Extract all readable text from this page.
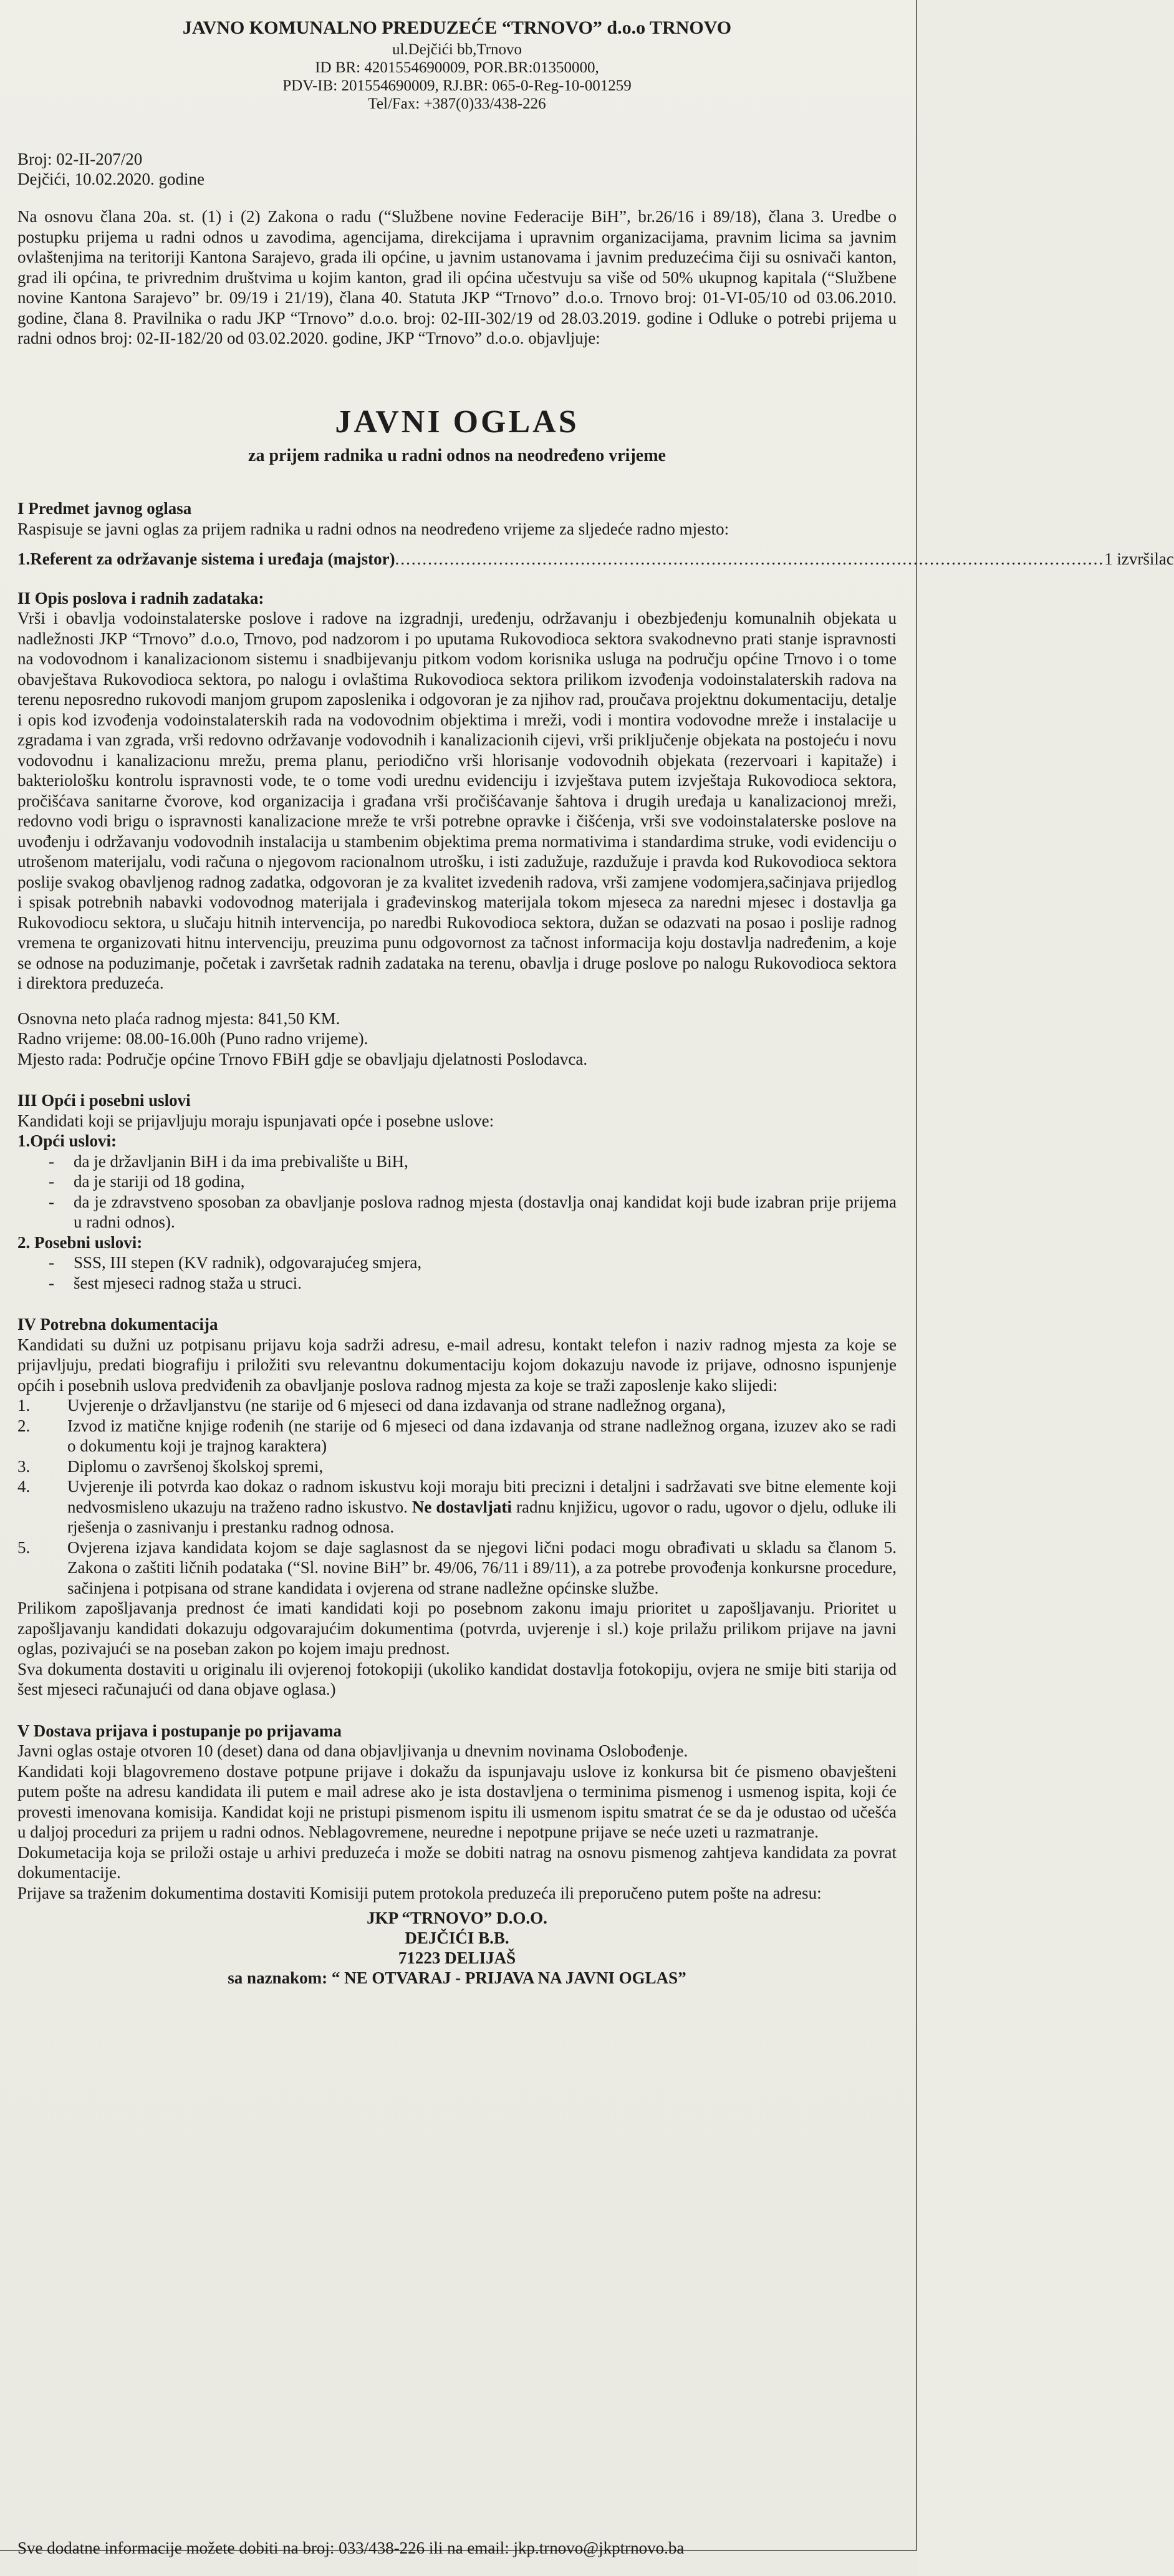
JAVNO KOMUNALNO PREDUZEĆE “TRNOVO” d.o.o TRNOVO
ul.Dejčići bb,Trnovo
ID BR: 4201554690009, POR.BR:01350000,
PDV-IB: 201554690009, RJ.BR: 065-0-Reg-10-001259
Tel/Fax: +387(0)33/438-226
Broj: 02-II-207/20
Dejčići, 10.02.2020. godine
Na osnovu člana 20a. st. (1) i (2) Zakona o radu (“Službene novine Federacije BiH”, br.26/16 i 89/18), člana 3. Uredbe o postupku prijema u radni odnos u zavodima, agencijama, direkcijama i upravnim organizacijama, pravnim licima sa javnim ovlaštenjima na teritoriji Kantona Sarajevo, grada ili općine, u javnim ustanovama i javnim preduzećima čiji su osnivači kanton, grad ili općina, te privrednim društvima u kojim kanton, grad ili općina učestvuju sa više od 50% ukupnog kapitala (“Službene novine Kantona Sarajevo” br. 09/19 i 21/19), člana 40. Statuta JKP “Trnovo” d.o.o. Trnovo broj: 01-VI-05/10 od 03.06.2010. godine, člana 8. Pravilnika o radu JKP “Trnovo” d.o.o. broj: 02-III-302/19 od 28.03.2019. godine i Odluke o potrebi prijema u radni odnos broj: 02-II-182/20 od 03.02.2020. godine, JKP “Trnovo” d.o.o. objavljuje:
JAVNI OGLAS
za prijem radnika u radni odnos na neodređeno vrijeme
I Predmet javnog oglasa
Raspisuje se javni oglas za prijem radnika u radni odnos na neodređeno vrijeme za sljedeće radno mjesto:
1. Referent za održavanje sistema i uređaja (majstor) .................................................................................................................................. 1 izvršilac
II Opis poslova i radnih zadataka:
Vrši i obavlja vodoinstalaterske poslove i radove na izgradnji, uređenju, održavanju i obezbjeđenju komunalnih objekata u nadležnosti JKP “Trnovo” d.o.o, Trnovo, pod nadzorom i po uputama Rukovodioca sektora svakodnevno prati stanje ispravnosti na vodovodnom i kanalizacionom sistemu i snadbijevanju pitkom vodom korisnika usluga na području općine Trnovo i o tome obavještava Rukovodioca sektora, po nalogu i ovlaštima Rukovodioca sektora prilikom izvođenja vodoinstalaterskih radova na terenu neposredno rukovodi manjom grupom zaposlenika i odgovoran je za njihov rad, proučava projektnu dokumentaciju, detalje i opis kod izvođenja vodoinstalaterskih rada na vodovodnim objektima i mreži, vodi i montira vodovodne mreže i instalacije u zgradama i van zgrada, vrši redovno održavanje vodovodnih i kanalizacionih cijevi, vrši priključenje objekata na postojeću i novu vodovodnu i kanalizacionu mrežu, prema planu, periodično vrši hlorisanje vodovodnih objekata (rezervoari i kapitaže) i bakteriološku kontrolu ispravnosti vode, te o tome vodi urednu evidenciju i izvještava putem izvještaja Rukovodioca sektora, pročišćava sanitarne čvorove, kod organizacija i građana vrši pročišćavanje šahtova i drugih uređaja u kanalizacionoj mreži, redovno vodi brigu o ispravnosti kanalizacione mreže te vrši potrebne opravke i čišćenja, vrši sve vodoinstalaterske poslove na uvođenju i održavanju vodovodnih instalacija u stambenim objektima prema normativima i standardima struke, vodi evidenciju o utrošenom materijalu, vodi računa o njegovom racionalnom utrošku, i isti zadužuje, razdužuje i pravda kod Rukovodioca sektora poslije svakog obavljenog radnog zadatka, odgovoran je za kvalitet izvedenih radova, vrši zamjene vodomjera,sačinjava prijedlog i spisak potrebnih nabavki vodovodnog materijala i građevinskog materijala tokom mjeseca za naredni mjesec i dostavlja ga Rukovodiocu sektora, u slučaju hitnih intervencija, po naredbi Rukovodioca sektora, dužan se odazvati na posao i poslije radnog vremena te organizovati hitnu intervenciju, preuzima punu odgovornost za tačnost informacija koju dostavlja nadređenim, a koje se odnose na poduzimanje, početak i završetak radnih zadataka na terenu, obavlja i druge poslove po nalogu Rukovodioca sektora i direktora preduzeća.
Osnovna neto plaća radnog mjesta: 841,50 KM.
Radno vrijeme: 08.00-16.00h (Puno radno vrijeme).
Mjesto rada: Područje općine Trnovo FBiH gdje se obavljaju djelatnosti Poslodavca.
III Opći i posebni uslovi
Kandidati koji se prijavljuju moraju ispunjavati opće i posebne uslove:
1.Opći uslovi:
- da je državljanin BiH i da ima prebivalište u BiH,
- da je stariji od 18 godina,
- da je zdravstveno sposoban za obavljanje poslova radnog mjesta (dostavlja onaj kandidat koji bude izabran prije prijema u radni odnos).
2. Posebni uslovi:
- SSS, III stepen (KV radnik), odgovarajućeg smjera,
- šest mjeseci radnog staža u struci.
IV Potrebna dokumentacija
Kandidati su dužni uz potpisanu prijavu koja sadrži adresu, e-mail adresu, kontakt telefon i naziv radnog mjesta za koje se prijavljuju, predati biografiju i priložiti svu relevantnu dokumentaciju kojom dokazuju navode iz prijave, odnosno ispunjenje općih i posebnih uslova predviđenih za obavljanje poslova radnog mjesta za koje se traži zaposlenje kako slijedi:
1.	Uvjerenje o državljanstvu (ne starije od 6 mjeseci od dana izdavanja od strane nadležnog organa),
2.	Izvod iz matične knjige rođenih (ne starije od 6 mjeseci od dana izdavanja od strane nadležnog organa, izuzev ako se radi o dokumentu koji je trajnog karaktera)
3.	Diplomu o završenoj školskoj spremi,
4.	Uvjerenje ili potvrda kao dokaz o radnom iskustvu koji moraju biti precizni i detaljni i sadržavati sve bitne elemente koji nedvosmisleno ukazuju na traženo radno iskustvo. Ne dostavljati radnu knjižicu, ugovor o radu, ugovor o djelu, odluke ili rješenja o zasnivanju i prestanku radnog odnosa.
5.	Ovjerena izjava kandidata kojom se daje saglasnost da se njegovi lični podaci mogu obrađivati u skladu sa članom 5. Zakona o zaštiti ličnih podataka (“Sl. novine BiH” br. 49/06, 76/11 i 89/11), a za potrebe provođenja konkursne procedure, sačinjena i potpisana od strane kandidata i ovjerena od strane nadležne općinske službe.
Prilikom zapošljavanja prednost će imati kandidati koji po posebnom zakonu imaju prioritet u zapošljavanju. Prioritet u zapošljavanju kandidati dokazuju odgovarajućim dokumentima (potvrda, uvjerenje i sl.) koje prilažu prilikom prijave na javni oglas, pozivajući se na poseban zakon po kojem imaju prednost.
Sva dokumenta dostaviti u originalu ili ovjerenoj fotokopiji (ukoliko kandidat dostavlja fotokopiju, ovjera ne smije biti starija od šest mjeseci računajući od dana objave oglasa.)
V Dostava prijava i postupanje po prijavama
Javni oglas ostaje otvoren 10 (deset) dana od dana objavljivanja u dnevnim novinama Oslobođenje.
Kandidati koji blagovremeno dostave potpune prijave i dokažu da ispunjavaju uslove iz konkursa bit će pismeno obavješteni putem pošte na adresu kandidata ili putem e mail adrese ako je ista dostavljena o terminima pismenog i usmenog ispita, koji će provesti imenovana komisija. Kandidat koji ne pristupi pismenom ispitu ili usmenom ispitu smatrat će se da je odustao od učešća u daljoj proceduri za prijem u radni odnos. Neblagovremene, neuredne i nepotpune prijave se neće uzeti u razmatranje.
Dokumetacija koja se priloži ostaje u arhivi preduzeća i može se dobiti natrag na osnovu pismenog zahtjeva kandidata za povrat dokumentacije.
Prijave sa traženim dokumentima dostaviti Komisiji putem protokola preduzeća ili preporučeno putem pošte na adresu:
JKP “TRNOVO” D.O.O.
DEJČIĆI B.B.
71223 DELIJAŠ
sa naznakom: “ NE OTVARAJ - PRIJAVA NA JAVNI OGLAS”
Sve dodatne informacije možete dobiti na broj: 033/438-226 ili na email: jkp.trnovo@jkptrnovo.ba
